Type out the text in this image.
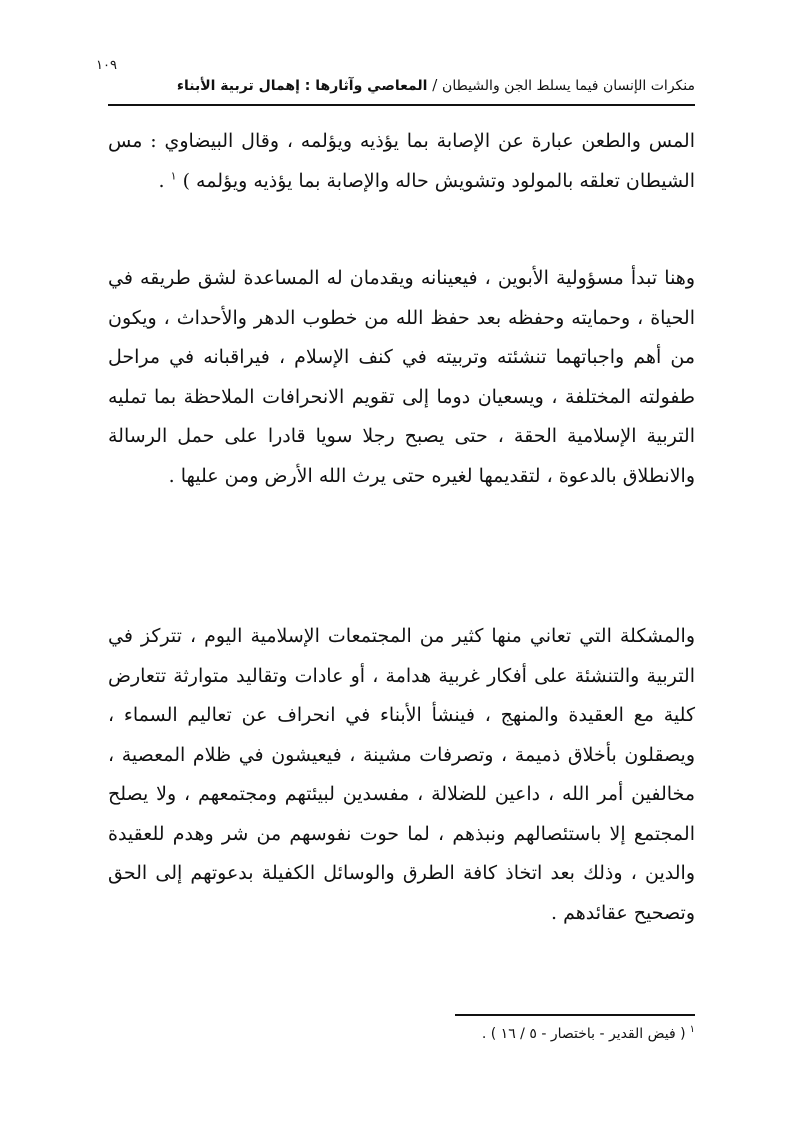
١٠٩
منكرات الإنسان فيما يسلط الجن والشيطان / المعاصي وآثارها : إهمال تربية الأبناء
المس والطعن عبارة عن الإصابة بما يؤذيه ويؤلمه ، وقال البيضاوي : مس الشيطان تعلقه بالمولود وتشويش حاله والإصابة بما يؤذيه ويؤلمه ) $^١$ .
وهنا تبدأ مسؤولية الأبوين ، فيعينانه ويقدمان له المساعدة لشق طريقه في الحياة ، وحمايته وحفظه بعد حفظ الله من خطوب الدهر والأحداث ، ويكون من أهم واجباتهما تنشئته وتربيته في كنف الإسلام ، فيراقبانه في مراحل طفولته المختلفة ، ويسعيان دوما إلى تقويم الانحرافات الملاحظة بما تمليه التربية الإسلامية الحقة ، حتى يصبح رجلا سويا قادرا على حمل الرسالة والانطلاق بالدعوة ، لتقديمها لغيره حتى يرث الله الأرض ومن عليها .
والمشكلة التي تعاني منها كثير من المجتمعات الإسلامية اليوم ، تتركز في التربية والتنشئة على أفكار غربية هدامة ، أو عادات وتقاليد متوارثة تتعارض كلية مع العقيدة والمنهج ، فينشأ الأبناء في انحراف عن تعاليم السماء ، ويصقلون بأخلاق ذميمة ، وتصرفات مشينة ، فيعيشون في ظلام المعصية ، مخالفين أمر الله ، داعين للضلالة ، مفسدين لبيئتهم ومجتمعهم ، ولا يصلح المجتمع إلا باستئصالهم ونبذهم ، لما حوت نفوسهم من شر وهدم للعقيدة والدين ، وذلك بعد اتخاذ كافة الطرق والوسائل الكفيلة بدعوتهم إلى الحق وتصحيح عقائدهم .
$^١$( فيض القدير - باختصار - ٥ / ١٦ ) .
